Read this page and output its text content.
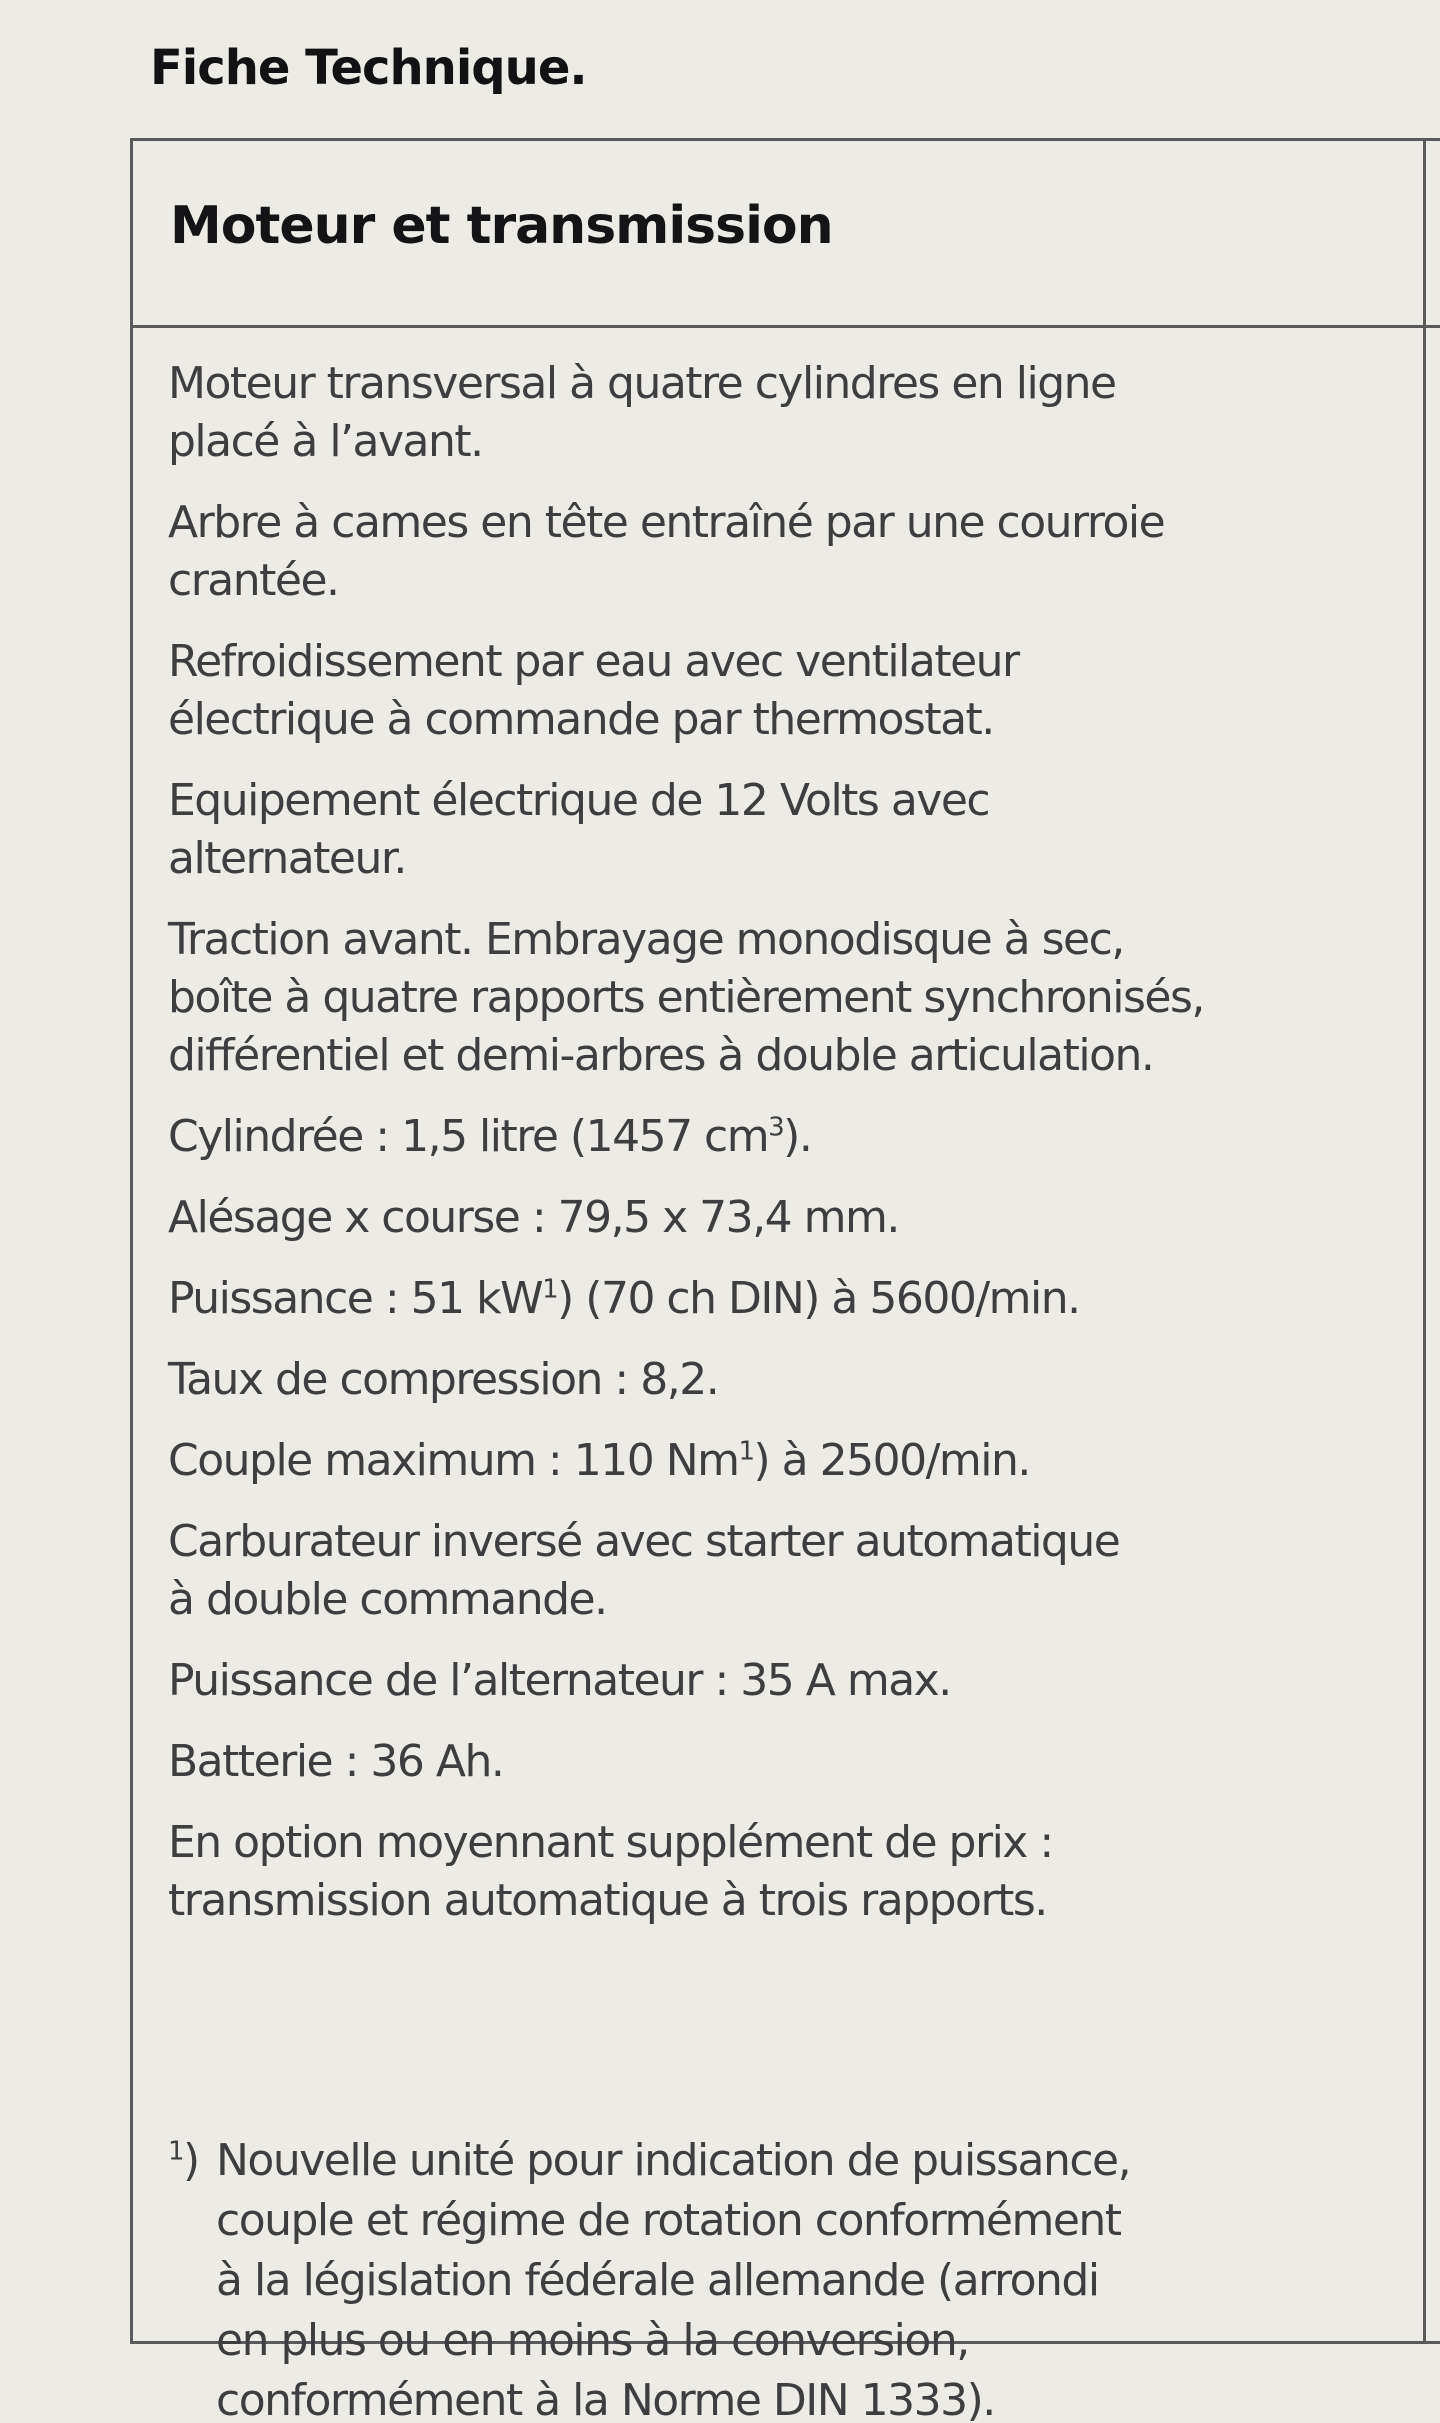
Fiche Technique.
Moteur et transmission
Moteur transversal à quatre cylindres en ligne
placé à l’avant.
Arbre à cames en tête entraîné par une courroie
crantée.
Refroidissement par eau avec ventilateur
électrique à commande par thermostat.
Equipement électrique de 12 Volts avec
alternateur.
Traction avant. Embrayage monodisque à sec,
boîte à quatre rapports entièrement synchronisés,
différentiel et demi-arbres à double articulation.
Cylindrée : 1,5 litre (1457 $cm^3$).
Alésage x course : 79,5 x 73,4 mm.
Puissance : 51 $kW^1$) (70 ch DIN) à 5600/min.
Taux de compression : 8,2.
Couple maximum : 110 Nm$^1$) à 2500/min.
Carburateur inversé avec starter automatique
à double commande.
Puissance de l’alternateur : 35 A max.
Batterie : 36 Ah.
En option moyennant supplément de prix :
transmission automatique à trois rapports.
$^1$) Nouvelle unité pour indication de puissance,
couple et régime de rotation conformément
à la législation fédérale allemande (arrondi
en plus ou en moins à la conversion,
conformément à la Norme DIN 1333).
